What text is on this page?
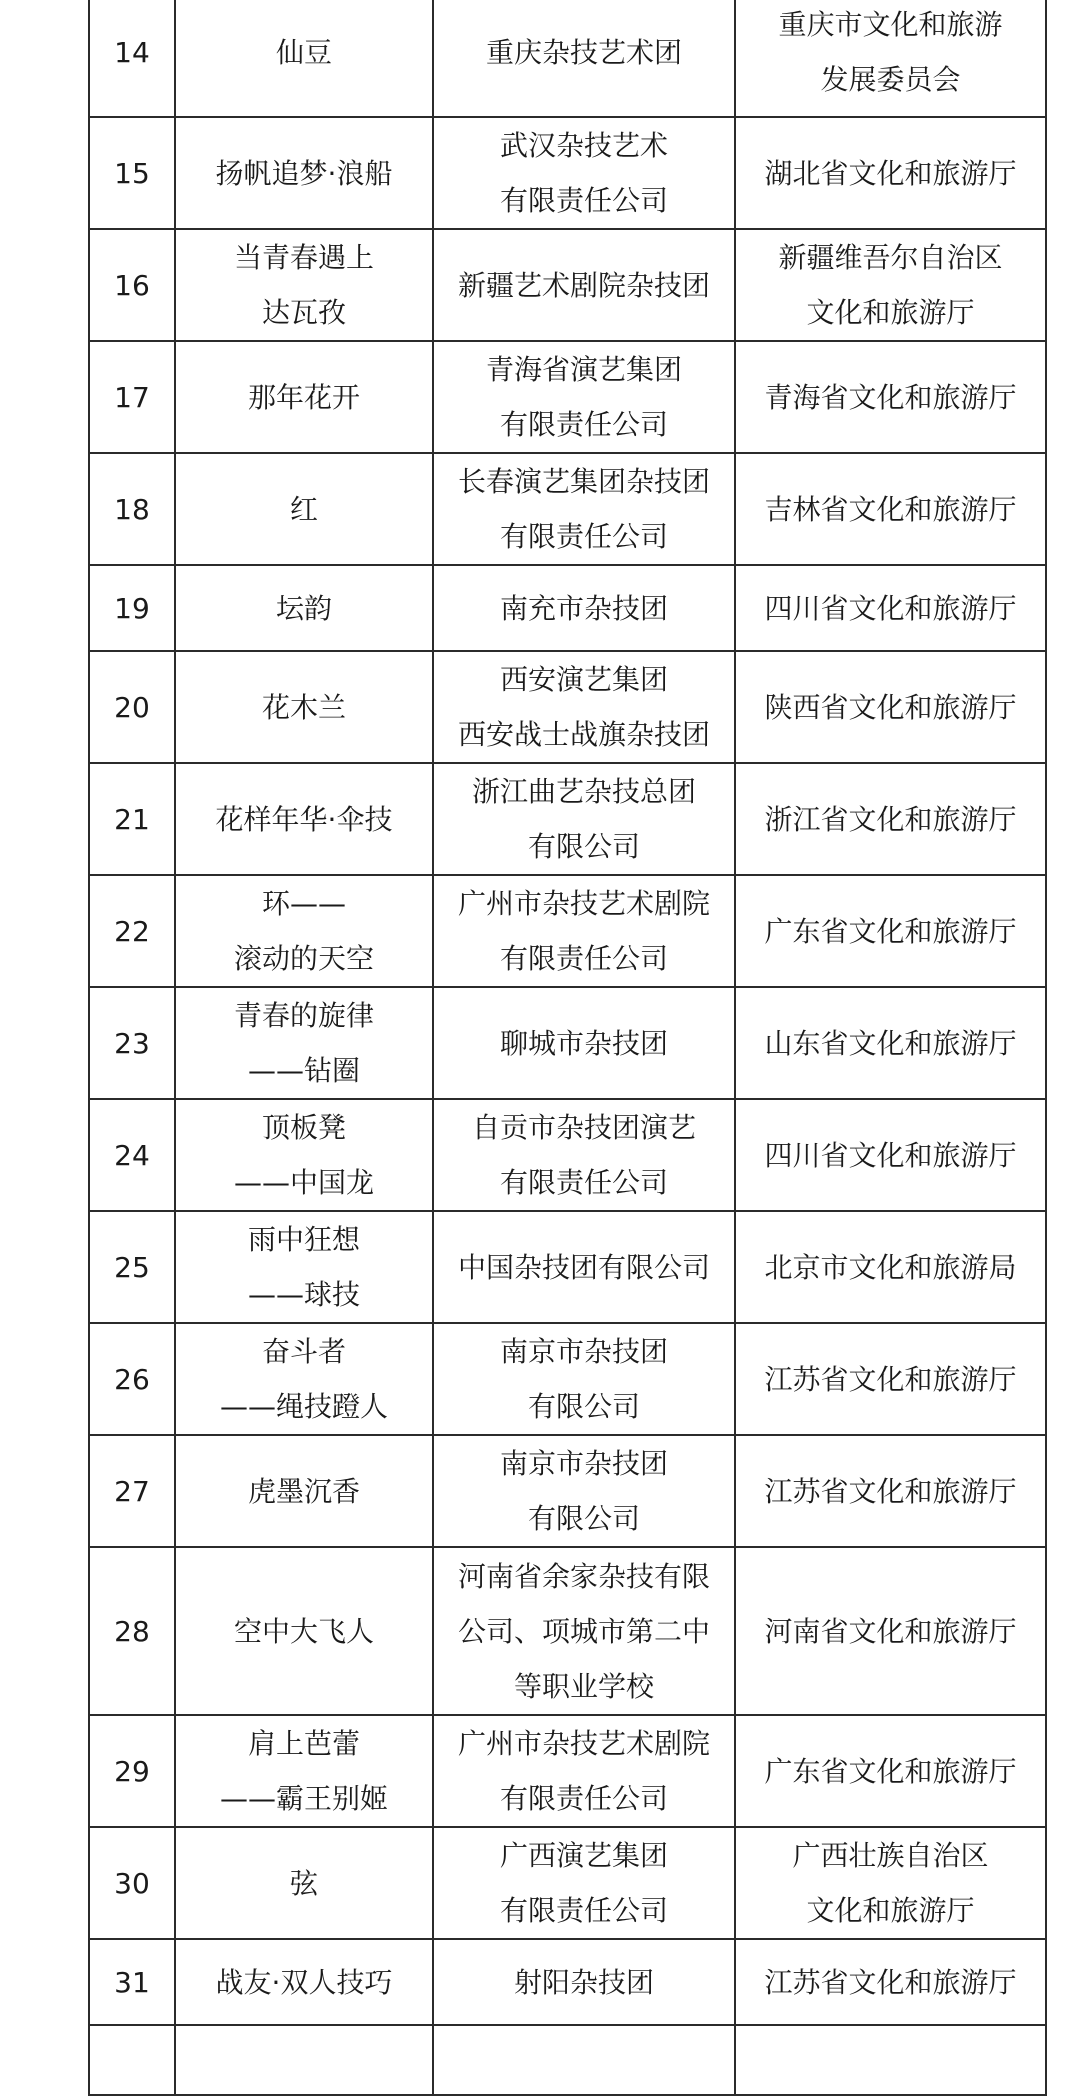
14	仙豆	重庆杂技艺术团	重庆市文化和旅游
发展委员会

15	扬帆追梦·浪船	武汉杂技艺术
有限责任公司	湖北省文化和旅游厅

16	当青春遇上
达瓦孜	新疆艺术剧院杂技团	新疆维吾尔自治区
文化和旅游厅

17	那年花开	青海省演艺集团
有限责任公司	青海省文化和旅游厅

18	红	长春演艺集团杂技团
有限责任公司	吉林省文化和旅游厅

19	坛韵	南充市杂技团	四川省文化和旅游厅

20	花木兰	西安演艺集团
西安战士战旗杂技团	陕西省文化和旅游厅

21	花样年华·伞技	浙江曲艺杂技总团
有限公司	浙江省文化和旅游厅

22	环——
滚动的天空	广州市杂技艺术剧院
有限责任公司	广东省文化和旅游厅

23	青春的旋律
——钻圈	聊城市杂技团	山东省文化和旅游厅

24	顶板凳
——中国龙	自贡市杂技团演艺
有限责任公司	四川省文化和旅游厅

25	雨中狂想
——球技	中国杂技团有限公司	北京市文化和旅游局

26	奋斗者
——绳技蹬人	南京市杂技团
有限公司	江苏省文化和旅游厅

27	虎墨沉香	南京市杂技团
有限公司	江苏省文化和旅游厅

28	空中大飞人	河南省余家杂技有限
公司、项城市第二中
等职业学校	河南省文化和旅游厅

29	肩上芭蕾
——霸王别姬	广州市杂技艺术剧院
有限责任公司	广东省文化和旅游厅

30	弦	广西演艺集团
有限责任公司	广西壮族自治区
文化和旅游厅

31	战友·双人技巧	射阳杂技团	江苏省文化和旅游厅
